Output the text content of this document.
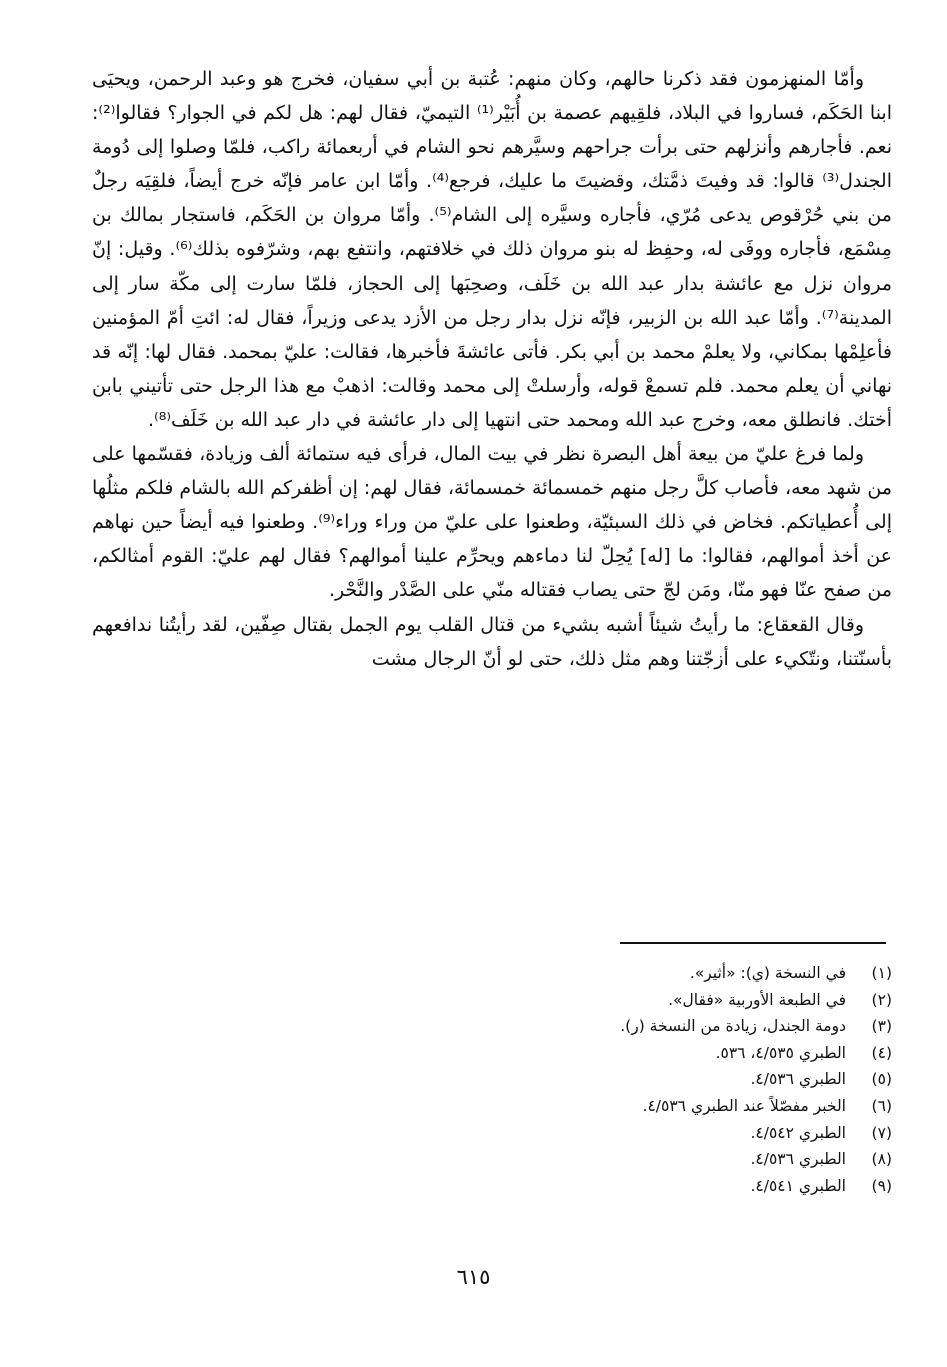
وأمّا المنهزمون فقد ذكرنا حالهم، وكان منهم: عُتبة بن أبي سفيان، فخرج هو وعبد الرحمن، ويحيَى ابنا الحَكَم، فساروا في البلاد، فلقِيهم عصمة بن أُبَيْر⁽¹⁾ التيميّ، فقال لهم: هل لكم في الجوار؟ فقالوا⁽²⁾: نعم. فأجارهم وأنزلهم حتى برأت جراحهم وسيَّرهم نحو الشام في أربعمائة راكب، فلمّا وصلوا إلى دُومة الجندل⁽³⁾ قالوا: قد وفيتَ ذمَّتك، وقضيتَ ما عليك، فرجع⁽⁴⁾. وأمّا ابن عامر فإنّه خرج أيضاً، فلقِيَه رجلٌ من بني حُرْقوص يدعى مُرّي، فأجاره وسيَّره إلى الشام⁽⁵⁾. وأمّا مروان بن الحَكَم، فاستجار بمالك بن مِسْمَع، فأجاره ووفَى له، وحفِظ له بنو مروان ذلك في خلافتهم، وانتفع بهم، وشرّفوه بذلك⁽⁶⁾. وقيل: إنّ مروان نزل مع عائشة بدار عبد الله بن خَلَف، وصحِبَها إلى الحجاز، فلمّا سارت إلى مكّة سار إلى المدينة⁽⁷⁾. وأمّا عبد الله بن الزبير، فإنّه نزل بدار رجل من الأزد يدعى وزيراً، فقال له: ائتِ أمّ المؤمنين فأعلِمْها بمكاني، ولا يعلمْ محمد بن أبي بكر. فأتى عائشةَ فأخبرها، فقالت: عليّ بمحمد. فقال لها: إنّه قد نهاني أن يعلم محمد. فلم تسمعْ قوله، وأرسلتْ إلى محمد وقالت: اذهبْ مع هذا الرجل حتى تأتيني بابن أختك. فانطلق معه، وخرج عبد الله ومحمد حتى انتهيا إلى دار عائشة في دار عبد الله بن خَلَف⁽⁸⁾.

ولما فرغ عليّ من بيعة أهل البصرة نظر في بيت المال، فرأى فيه ستمائة ألف وزيادة، فقسّمها على من شهد معه، فأصاب كلَّ رجل منهم خمسمائة خمسمائة، فقال لهم: إن أظفركم الله بالشام فلكم مثلُها إلى أُعطياتكم. فخاض في ذلك السبئيّة، وطعنوا على عليّ من وراء وراء⁽⁹⁾. وطعنوا فيه أيضاً حين نهاهم عن أخذ أموالهم، فقالوا: ما [له] يُحِلّ لنا دماءهم ويحرِّم علينا أموالهم؟ فقال لهم عليّ: القوم أمثالكم، من صفح عنّا فهو منّا، ومَن لجّ حتى يصاب فقتاله منّي على الصَّدْر والنَّحْر.

وقال القعقاع: ما رأيتُ شيئاً أشبه بشيء من قتال القلب يوم الجمل بقتال صِفّين، لقد رأيتُنا ندافعهم بأسنّتنا، ونتّكيء على أزجّتنا وهم مثل ذلك، حتى لو أنّ الرجال مشت

(١)
في النسخة (ي): «أثير».
(٢)
في الطبعة الأوربية «فقال».
(٣)
دومة الجندل، زيادة من النسخة (ر).
(٤)
الطبري ٤/٥٣٥، ٥٣٦.
(٥)
الطبري ٤/٥٣٦.
(٦)
الخبر مفصّلاً عند الطبري ٤/٥٣٦.
(٧)
الطبري ٤/٥٤٢.
(٨)
الطبري ٤/٥٣٦.
(٩)
الطبري ٤/٥٤١.
٦١٥
